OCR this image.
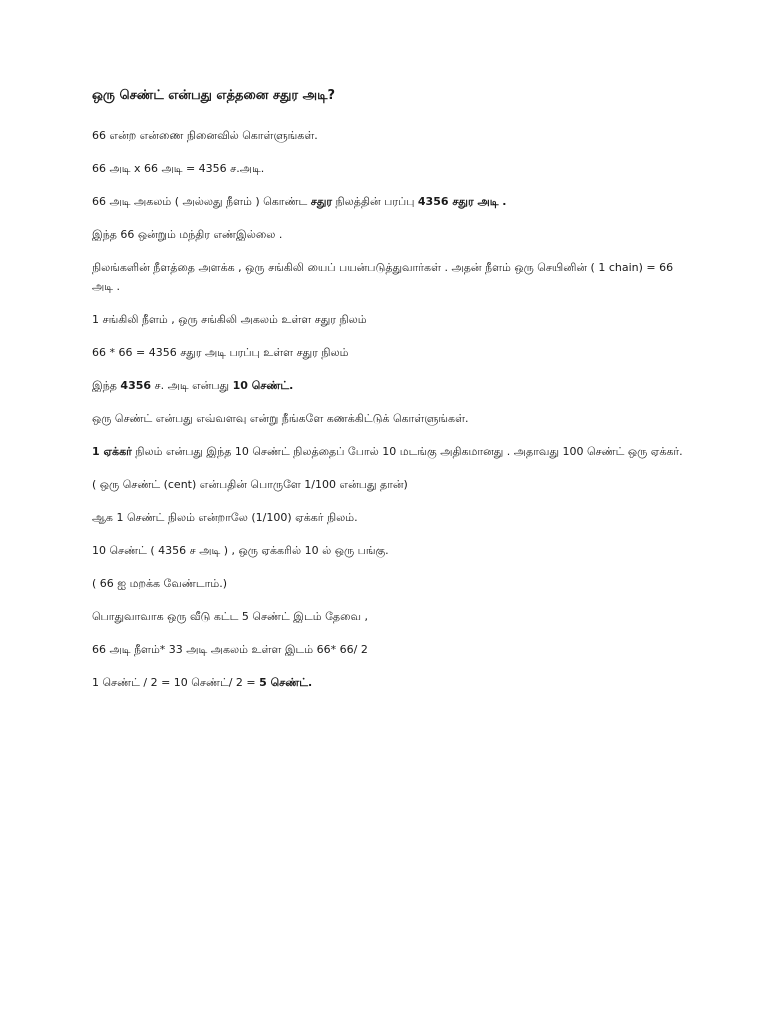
ஒரு செண்ட் என்பது எத்தனை சதுர அடி?

66 என்ற என்ணை நினைவில் கொள்ளுங்கள்.

66 அடி x 66 அடி = 4356 ச.அடி.

66 அடி அகலம் ( அல்லது நீளம் ) கொண்ட சதுர நிலத்தின் பரப்பு 4356 சதுர அடி .

இந்த 66 ஒன்றும் மந்திர எண்இல்லை .

நிலங்களின் நீளத்தை அளக்க , ஒரு சங்கிலி யைப் பயன்படுத்துவார்கள் . அதன் நீளம் ஒரு செயினின் ( 1 chain) = 66 அடி .

1 சங்கிலி நீளம் , ஒரு சங்கிலி அகலம் உள்ள சதுர நிலம்

66 * 66 = 4356 சதுர அடி பரப்பு உள்ள சதுர நிலம்

இந்த 4356 ச. அடி என்பது 10 செண்ட்.

ஒரு செண்ட் என்பது எவ்வளவு என்று நீங்களே கணக்கிட்டுக் கொள்ளுங்கள்.

1 ஏக்கர் நிலம் என்பது இந்த 10 செண்ட் நிலத்தைப் போல் 10 மடங்கு அதிகமானது . அதாவது 100 செண்ட் ஒரு ஏக்கர்.

( ஒரு செண்ட் (cent) என்பதின் பொருளே 1/100 என்பது தான்)

ஆக 1 செண்ட் நிலம் என்றாலே (1/100) ஏக்கர் நிலம்.

10 செண்ட் ( 4356 ச அடி ) , ஒரு ஏக்கரில் 10 ல் ஒரு பங்கு.

( 66 ஐ மறக்க வேண்டாம்.)

பொதுவாவாக ஒரு வீடு கட்ட 5 செண்ட் இடம் தேவை ,

66 அடி நீளம்* 33 அடி அகலம் உள்ள இடம் 66* 66/ 2

1 செண்ட் / 2 = 10 செண்ட்/ 2 = 5 செண்ட்.
